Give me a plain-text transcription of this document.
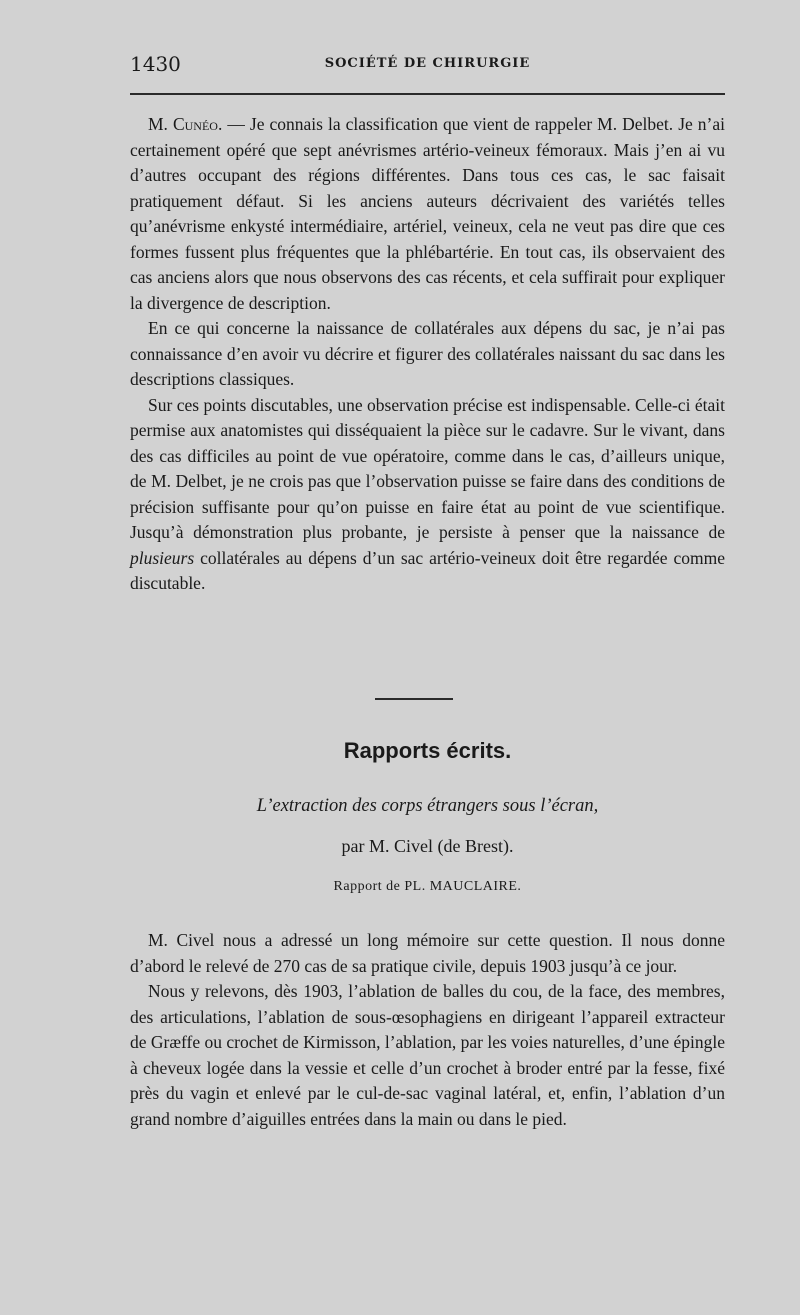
1430	SOCIÉTÉ DE CHIRURGIE

M. Cunéo. — Je connais la classification que vient de rappeler M. Delbet. Je n’ai certainement opéré que sept anévrismes artério-veineux fémoraux. Mais j’en ai vu d’autres occupant des régions différentes. Dans tous ces cas, le sac faisait pratiquement défaut. Si les anciens auteurs décrivaient des variétés telles qu’anévrisme enkysté intermédiaire, artériel, veineux, cela ne veut pas dire que ces formes fussent plus fréquentes que la phlébartérie. En tout cas, ils observaient des cas anciens alors que nous observons des cas récents, et cela suffirait pour expliquer la divergence de description.

En ce qui concerne la naissance de collatérales aux dépens du sac, je n’ai pas connaissance d’en avoir vu décrire et figurer des collatérales naissant du sac dans les descriptions classiques.

Sur ces points discutables, une observation précise est indispensable. Celle-ci était permise aux anatomistes qui disséquaient la pièce sur le cadavre. Sur le vivant, dans des cas difficiles au point de vue opératoire, comme dans le cas, d’ailleurs unique, de M. Delbet, je ne crois pas que l’observation puisse se faire dans des conditions de précision suffisante pour qu’on puisse en faire état au point de vue scientifique. Jusqu’à démonstration plus probante, je persiste à penser que la naissance de plusieurs collatérales au dépens d’un sac artério-veineux doit être regardée comme discutable.

Rapports écrits.
L’extraction des corps étrangers sous l’écran,
par M. Civel (de Brest).
Rapport de PL. MAUCLAIRE.

M. Civel nous a adressé un long mémoire sur cette question. Il nous donne d’abord le relevé de 270 cas de sa pratique civile, depuis 1903 jusqu’à ce jour.

Nous y relevons, dès 1903, l’ablation de balles du cou, de la face, des membres, des articulations, l’ablation de sous-œsophagiens en dirigeant l’appareil extracteur de Græffe ou crochet de Kirmisson, l’ablation, par les voies naturelles, d’une épingle à cheveux logée dans la vessie et celle d’un crochet à broder entré par la fesse, fixé près du vagin et enlevé par le cul-de-sac vaginal latéral, et, enfin, l’ablation d’un grand nombre d’aiguilles entrées dans la main ou dans le pied.
